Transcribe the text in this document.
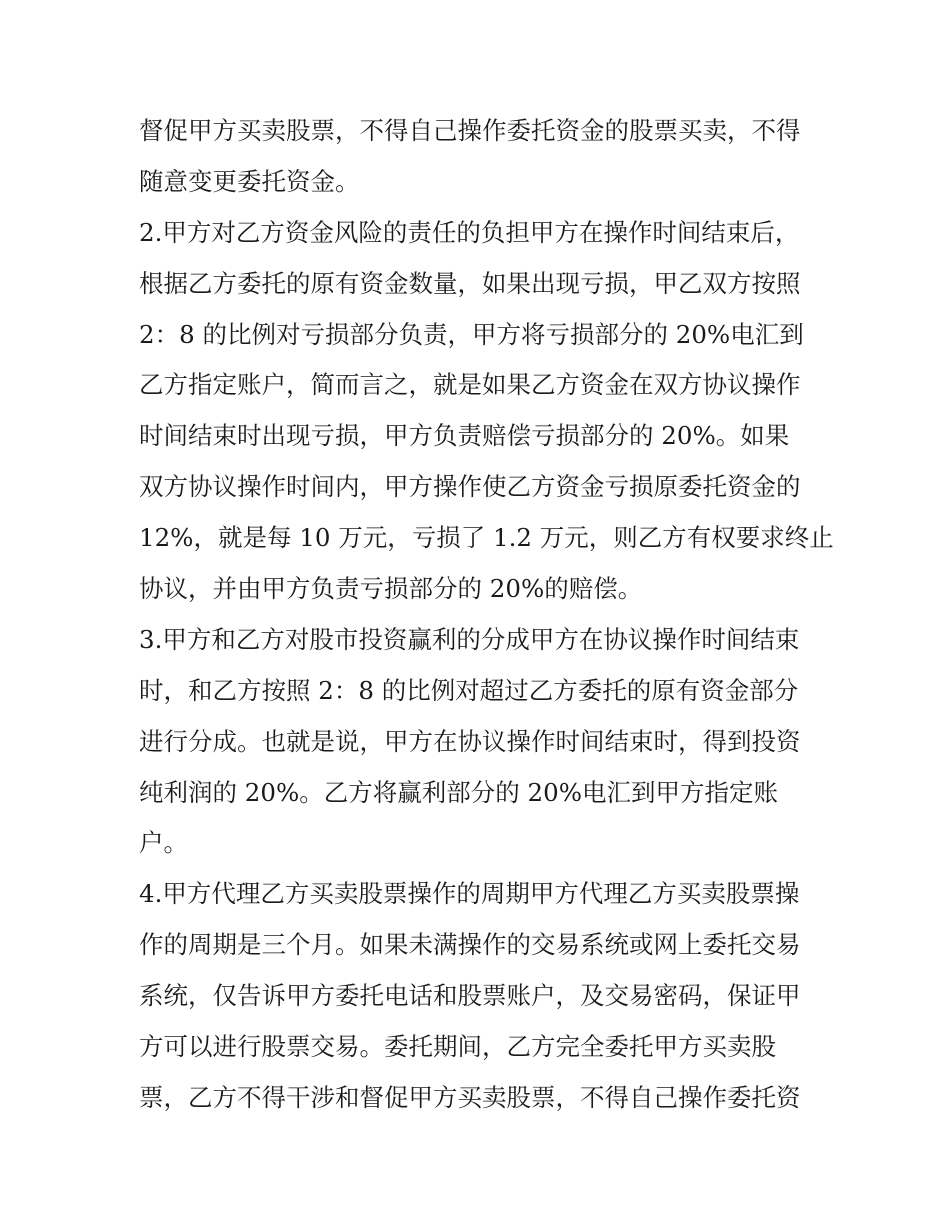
督促甲方买卖股票，不得自己操作委托资金的股票买卖，不得
随意变更委托资金。
2.甲方对乙方资金风险的责任的负担甲方在操作时间结束后，
根据乙方委托的原有资金数量，如果出现亏损，甲乙双方按照
2：8 的比例对亏损部分负责，甲方将亏损部分的 20%电汇到
乙方指定账户，简而言之，就是如果乙方资金在双方协议操作
时间结束时出现亏损，甲方负责赔偿亏损部分的 20%。如果
双方协议操作时间内，甲方操作使乙方资金亏损原委托资金的
12%，就是每 10 万元，亏损了 1.2 万元，则乙方有权要求终止
协议，并由甲方负责亏损部分的 20%的赔偿。
3.甲方和乙方对股市投资赢利的分成甲方在协议操作时间结束
时，和乙方按照 2：8 的比例对超过乙方委托的原有资金部分
进行分成。也就是说，甲方在协议操作时间结束时，得到投资
纯利润的 20%。乙方将赢利部分的 20%电汇到甲方指定账
户。
4.甲方代理乙方买卖股票操作的周期甲方代理乙方买卖股票操
作的周期是三个月。如果未满操作的交易系统或网上委托交易
系统，仅告诉甲方委托电话和股票账户，及交易密码，保证甲
方可以进行股票交易。委托期间，乙方完全委托甲方买卖股
票，乙方不得干涉和督促甲方买卖股票，不得自己操作委托资
